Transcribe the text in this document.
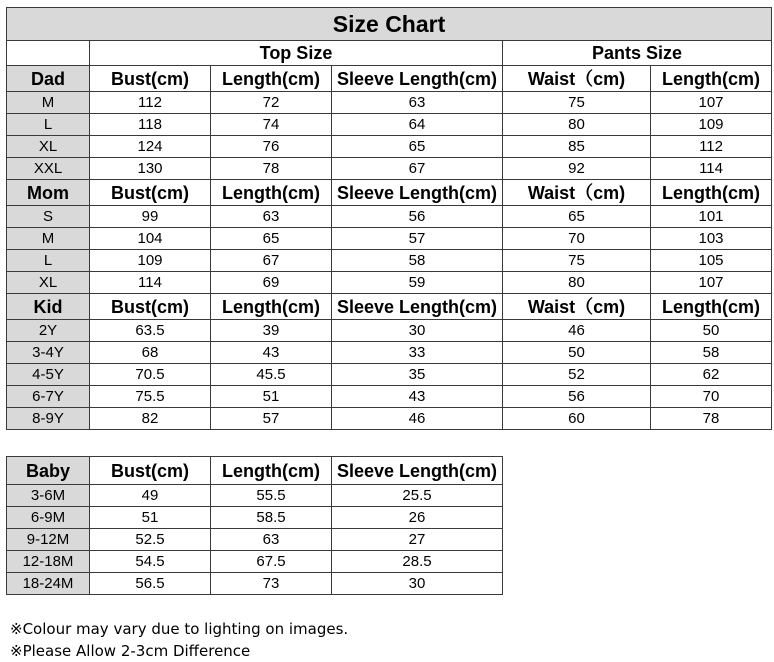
Size Chart					
	Top Size			Pants Size	
Dad	Bust(cm)	Length(cm)	Sleeve Length(cm)	Waist（cm)	Length(cm)
M	112	72	63	75	107
L	118	74	64	80	109
XL	124	76	65	85	112
XXL	130	78	67	92	114
Mom	Bust(cm)	Length(cm)	Sleeve Length(cm)	Waist（cm)	Length(cm)
S	99	63	56	65	101
M	104	65	57	70	103
L	109	67	58	75	105
XL	114	69	59	80	107
Kid	Bust(cm)	Length(cm)	Sleeve Length(cm)	Waist（cm)	Length(cm)
2Y	63.5	39	30	46	50
3-4Y	68	43	33	50	58
4-5Y	70.5	45.5	35	52	62
6-7Y	75.5	51	43	56	70
8-9Y	82	57	46	60	78
Baby	Bust(cm)	Length(cm)	Sleeve Length(cm)
3-6M	49	55.5	25.5
6-9M	51	58.5	26
9-12M	52.5	63	27
12-18M	54.5	67.5	28.5
18-24M	56.5	73	30
※Colour may vary due to lighting on images.
※Please Allow 2-3cm Difference
